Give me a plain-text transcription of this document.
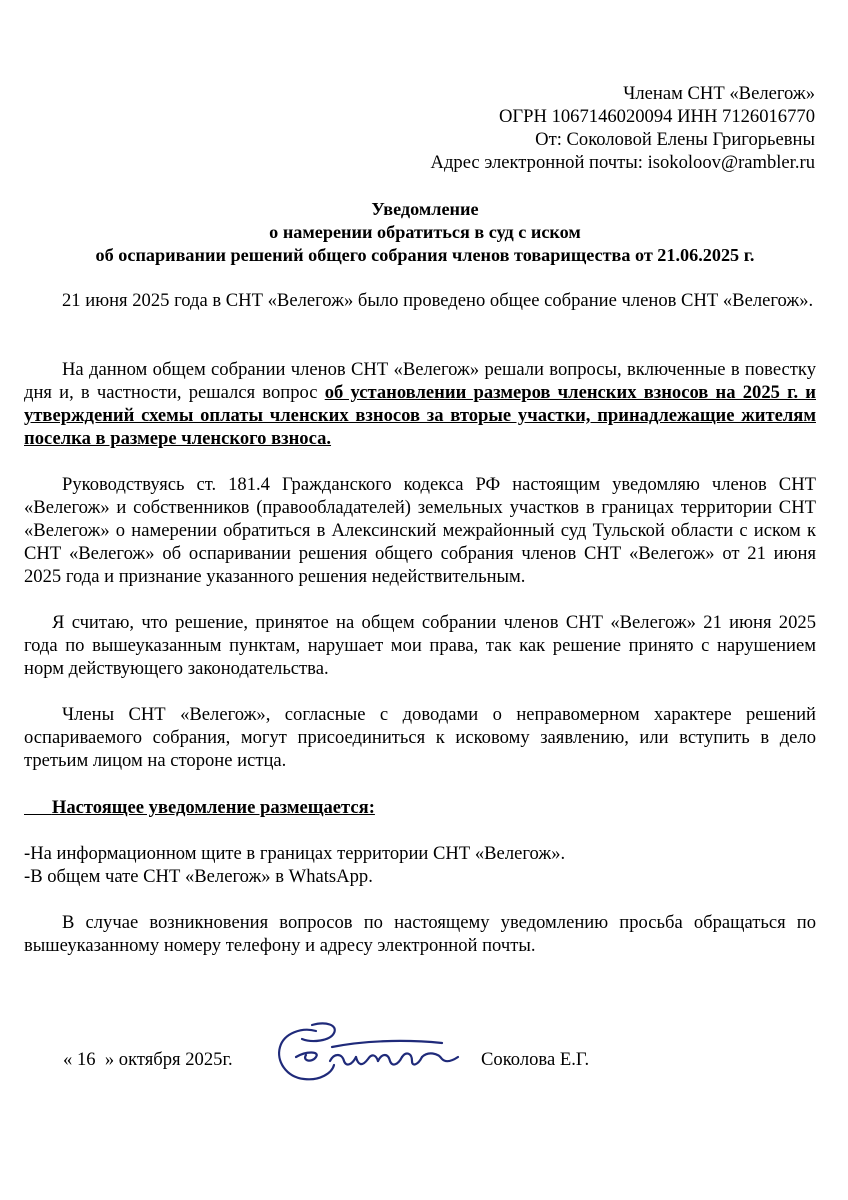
Членам СНТ «Велегож»
ОГРН 1067146020094 ИНН 7126016770
От: Соколовой Елены Григорьевны
Адрес электронной почты: isokoloov@rambler.ru
Уведомление
о намерении обратиться в суд с иском
об оспаривании решений общего собрания членов товарищества от 21.06.2025 г.

21 июня 2025 года в СНТ «Велегож» было проведено общее собрание членов СНТ «Велегож».

На данном общем собрании членов СНТ «Велегож» решали вопросы, включенные в повестку дня и, в частности, решался вопрос об установлении размеров членских взносов на 2025 г. и утверждений схемы оплаты членских взносов за вторые участки, принадлежащие жителям поселка в размере членского взноса.

Руководствуясь ст. 181.4 Гражданского кодекса РФ настоящим уведомляю членов СНТ «Велегож» и собственников (правообладателей) земельных участков в границах территории СНТ «Велегож» о намерении обратиться в Алексинский межрайонный суд Тульской области с иском к СНТ «Велегож» об оспаривании решения общего собрания членов СНТ «Велегож» от 21 июня 2025 года и признание указанного решения недействительным.

Я считаю, что решение, принятое на общем собрании членов СНТ «Велегож» 21 июня 2025 года по вышеуказанным пунктам, нарушает мои права, так как решение принято с нарушением норм действующего законодательства.

Члены СНТ «Велегож», согласные с доводами о неправомерном характере решений оспариваемого собрания, могут присоединиться к исковому заявлению, или вступить в дело третьим лицом на стороне истца.

Настоящее уведомление размещается:
-На информационном щите в границах территории СНТ «Велегож».
-В общем чате СНТ «Велегож» в WhatsApp.

В случае возникновения вопросов по настоящему уведомлению просьба обращаться по вышеуказанному номеру телефону и адресу электронной почты.

« 16  » октября 2025г.	Соколова Е.Г.
